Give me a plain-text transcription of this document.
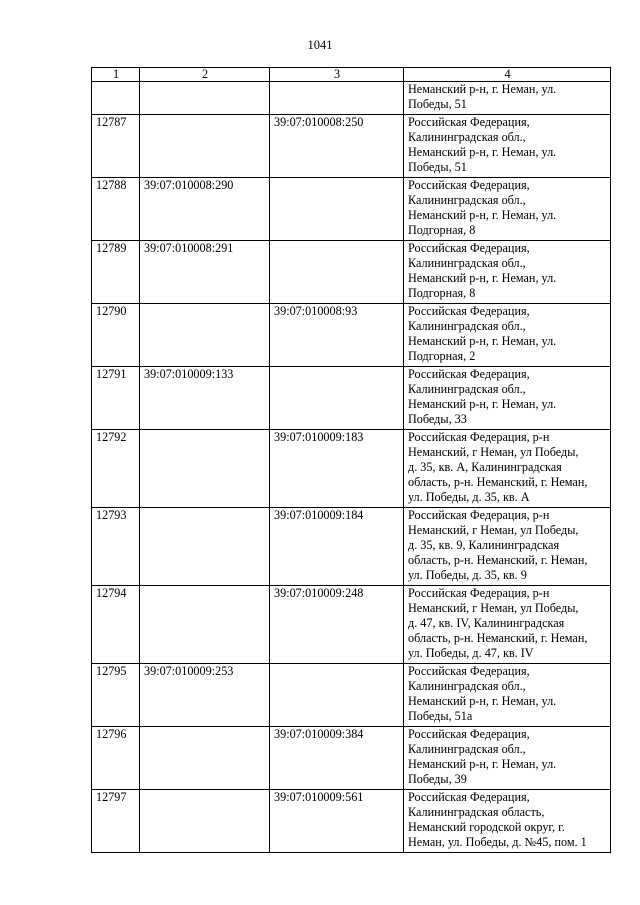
1041
1	2	3	4

			Неманский р-н, г. Неман, ул.
Победы, 51

12787		39:07:010008:250	Российская Федерация,
Калининградская обл.,
Неманский р-н, г. Неман, ул.
Победы, 51

12788	39:07:010008:290		Российская Федерация,
Калининградская обл.,
Неманский р-н, г. Неман, ул.
Подгорная, 8

12789	39:07:010008:291		Российская Федерация,
Калининградская обл.,
Неманский р-н, г. Неман, ул.
Подгорная, 8

12790		39:07:010008:93	Российская Федерация,
Калининградская обл.,
Неманский р-н, г. Неман, ул.
Подгорная, 2

12791	39:07:010009:133		Российская Федерация,
Калининградская обл.,
Неманский р-н, г. Неман, ул.
Победы, 33

12792		39:07:010009:183	Российская Федерация, р-н
Неманский, г Неман, ул Победы,
д. 35, кв. А, Калининградская
область, р-н. Неманский, г. Неман,
ул. Победы, д. 35, кв. А

12793		39:07:010009:184	Российская Федерация, р-н
Неманский, г Неман, ул Победы,
д. 35, кв. 9, Калининградская
область, р-н. Неманский, г. Неман,
ул. Победы, д. 35, кв. 9

12794		39:07:010009:248	Российская Федерация, р-н
Неманский, г Неман, ул Победы,
д. 47, кв. IV, Калининградская
область, р-н. Неманский, г. Неман,
ул. Победы, д. 47, кв. IV

12795	39:07:010009:253		Российская Федерация,
Калининградская обл.,
Неманский р-н, г. Неман, ул.
Победы, 51а

12796		39:07:010009:384	Российская Федерация,
Калининградская обл.,
Неманский р-н, г. Неман, ул.
Победы, 39

12797		39:07:010009:561	Российская Федерация,
Калининградская область,
Неманский городской округ, г.
Неман, ул. Победы, д. №45, пом. 1
